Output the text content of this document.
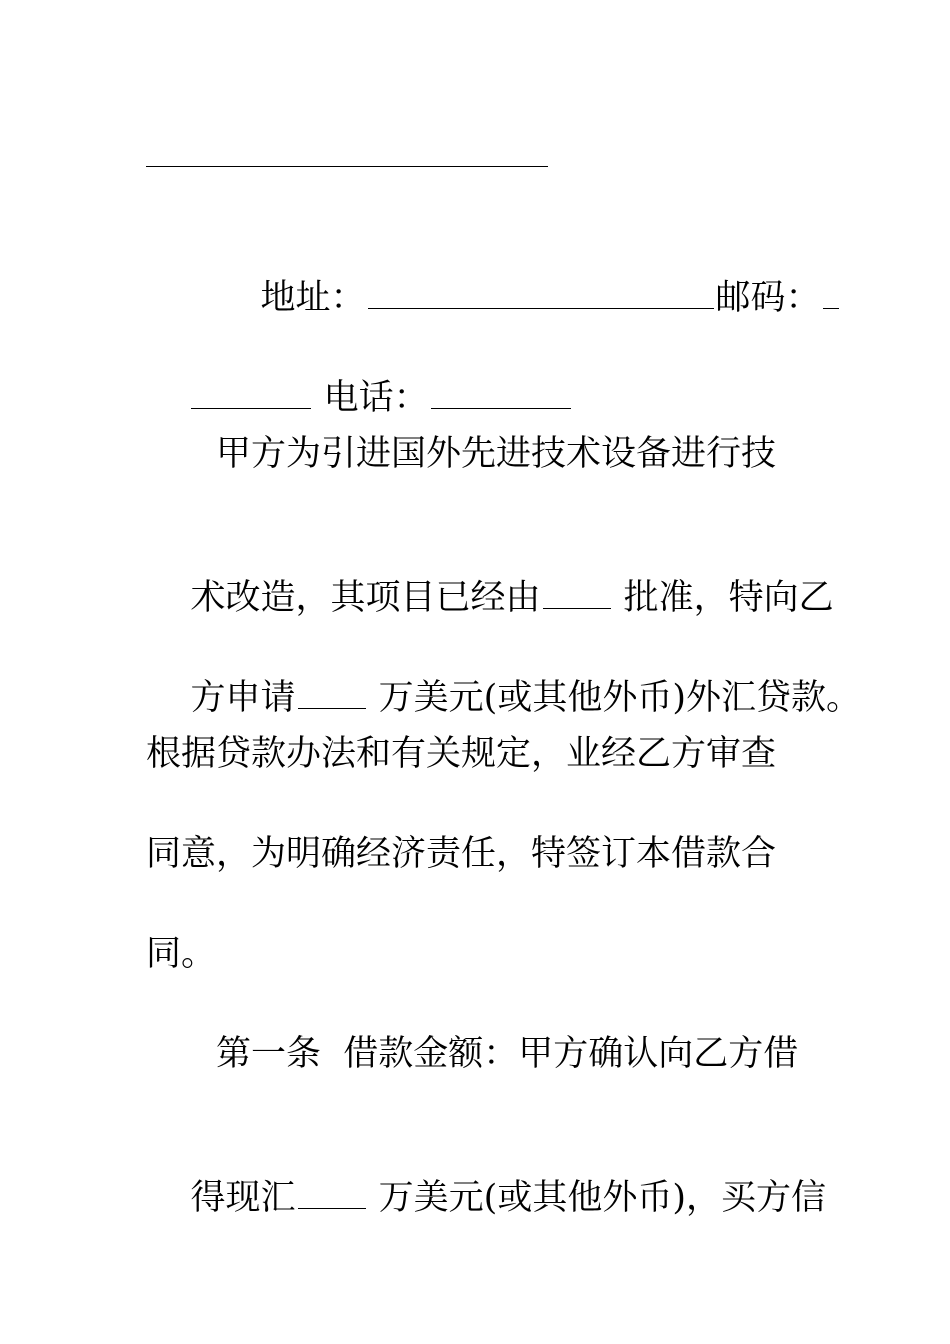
地址：	邮码：

电话：

甲方为引进国外先进技术设备进行技

术改造，其项目已经由 批准，特向乙

方申请 万美元(或其他外币)外汇贷款。

根据贷款办法和有关规定，业经乙方审查
同意，为明确经济责任，特签订本借款合
同。
第一条  借款金额：甲方确认向乙方借

得现汇 万美元(或其他外币)，买方信
